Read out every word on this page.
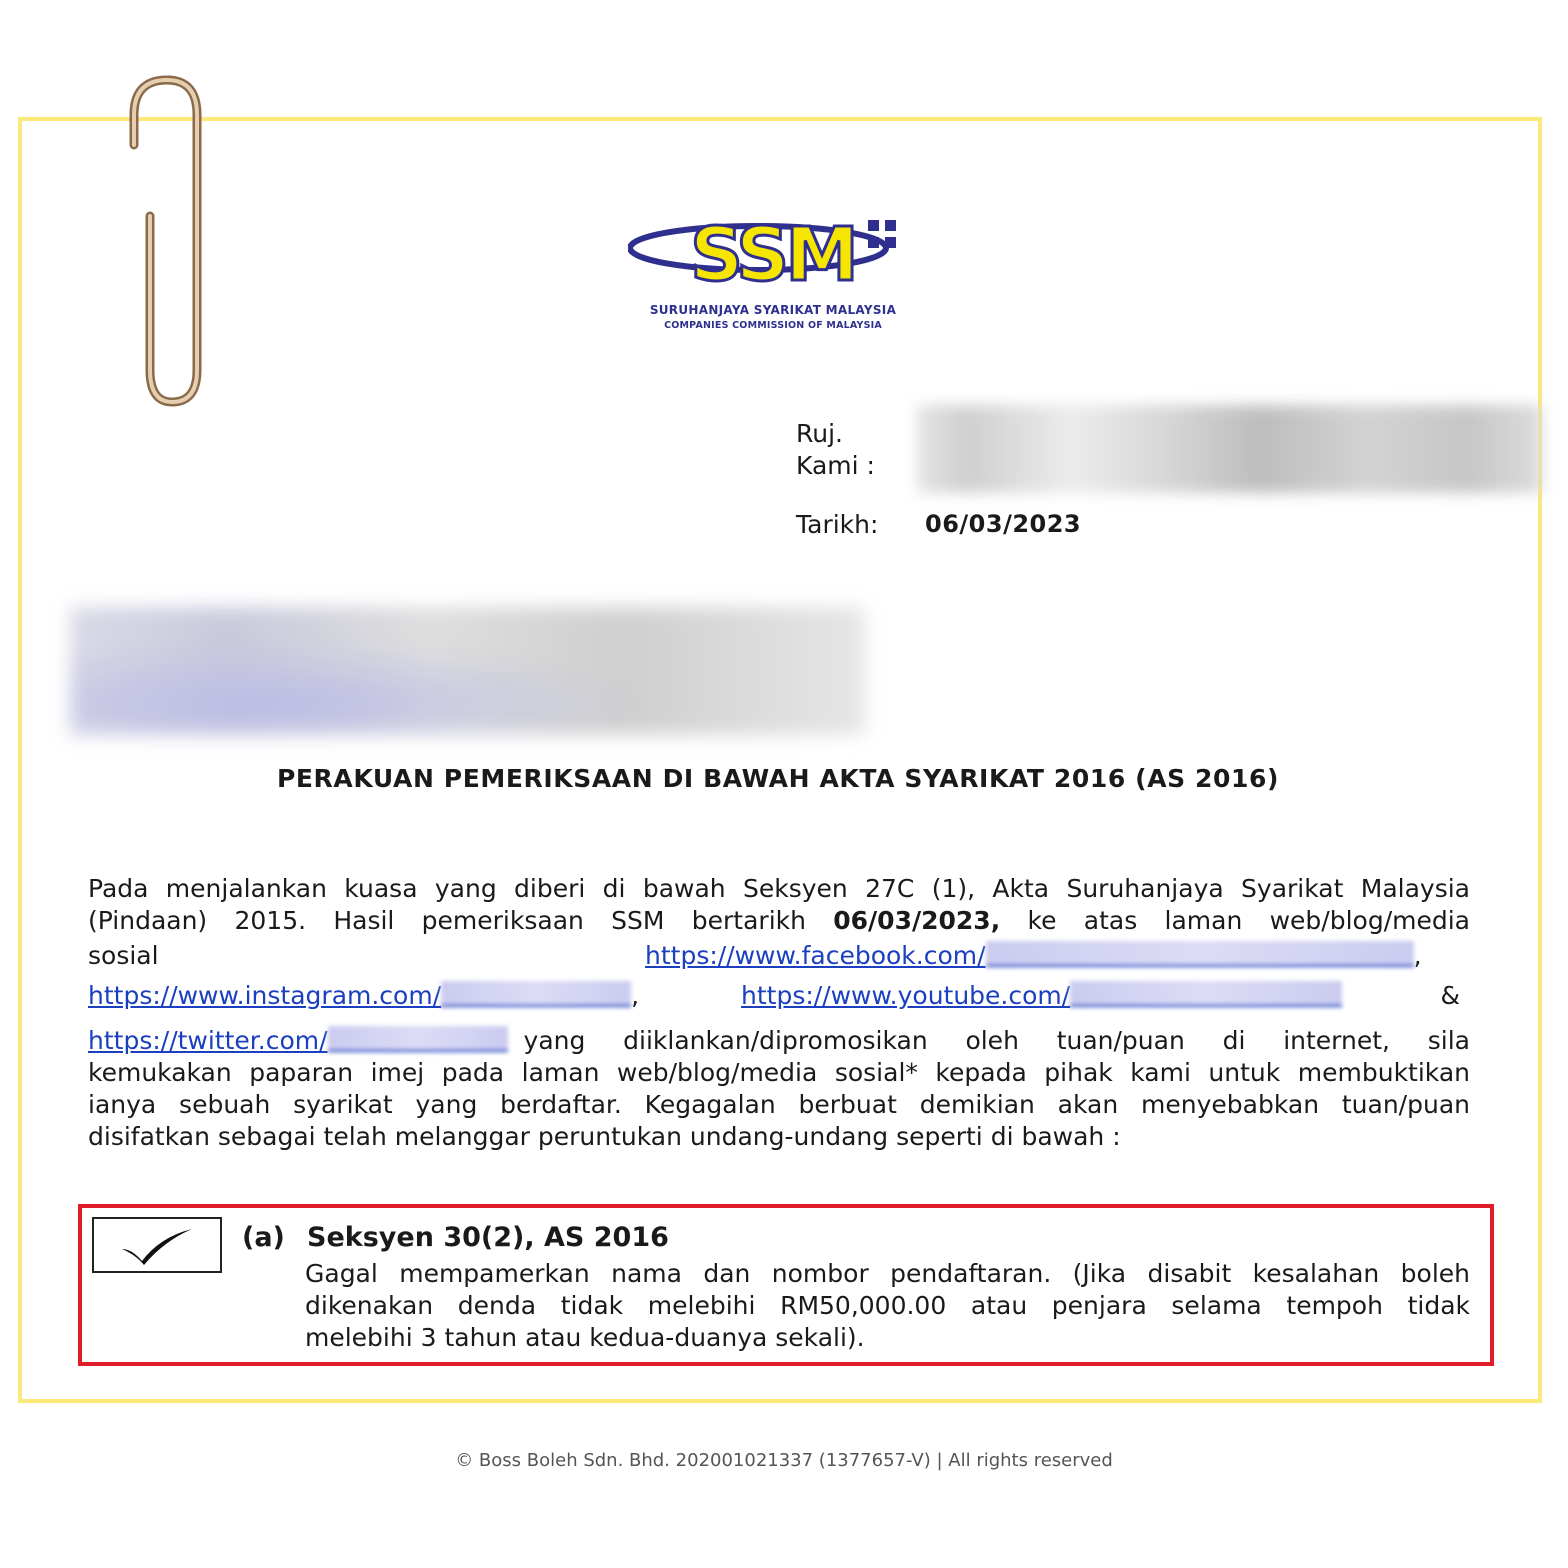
SSM
SURUHANJAYA SYARIKAT MALAYSIA
COMPANIES COMMISSION OF MALAYSIA
Ruj.
Kami :
Tarikh: 06/03/2023
PERAKUAN PEMERIKSAAN DI BAWAH AKTA SYARIKAT 2016 (AS 2016)
Pada menjalankan kuasa yang diberi di bawah Seksyen 27C (1), Akta Suruhanjaya Syarikat Malaysia
(Pindaan) 2015. Hasil pemeriksaan SSM bertarikh 06/03/2023, ke atas laman web/blog/media
sosial	https://www.facebook.com/	,
https://www.instagram.com/	,	https://www.youtube.com/	&
https://twitter.com/	yang diiklankan/dipromosikan oleh tuan/puan di internet, sila
kemukakan paparan imej pada laman web/blog/media sosial* kepada pihak kami untuk membuktikan
ianya sebuah syarikat yang berdaftar. Kegagalan berbuat demikian akan menyebabkan tuan/puan
disifatkan sebagai telah melanggar peruntukan undang-undang seperti di bawah :
(a) Seksyen 30(2), AS 2016
Gagal mempamerkan nama dan nombor pendaftaran. (Jika disabit kesalahan boleh
dikenakan denda tidak melebihi RM50,000.00 atau penjara selama tempoh tidak
melebihi 3 tahun atau kedua-duanya sekali).
© Boss Boleh Sdn. Bhd. 202001021337 (1377657-V) | All rights reserved
